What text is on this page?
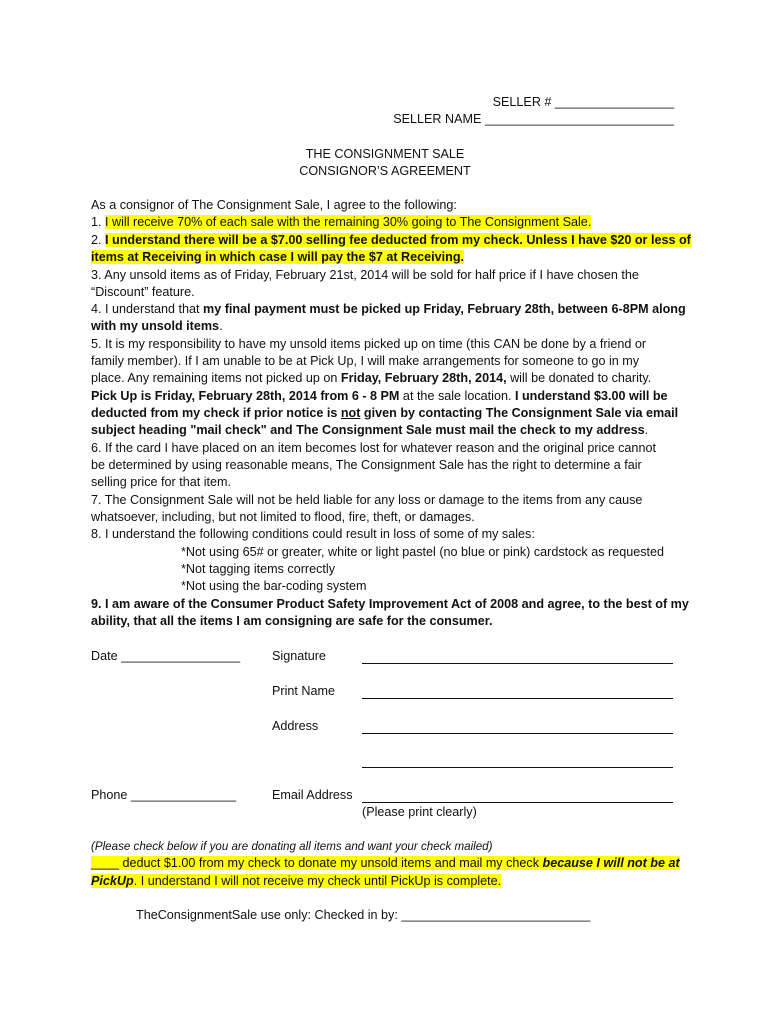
SELLER # _________________
SELLER NAME ___________________________
THE CONSIGNMENT SALE
CONSIGNOR’S AGREEMENT
As a consignor of The Consignment Sale, I agree to the following:
1. I will receive 70% of each sale with the remaining 30% going to The Consignment Sale.
2. I understand there will be a $7.00 selling fee deducted from my check. Unless I have $20 or less of
items at Receiving in which case I will pay the $7 at Receiving.
3. Any unsold items as of Friday, February 21st, 2014 will be sold for half price if I have chosen the
“Discount” feature.
4. I understand that my final payment must be picked up Friday, February 28th, between 6-8PM along
with my unsold items.
5. It is my responsibility to have my unsold items picked up on time (this CAN be done by a friend or
family member). If I am unable to be at Pick Up, I will make arrangements for someone to go in my
place. Any remaining items not picked up on Friday, February 28th, 2014, will be donated to charity.
Pick Up is Friday, February 28th, 2014 from 6 - 8 PM at the sale location. I understand $3.00 will be
deducted from my check if prior notice is not given by contacting The Consignment Sale via email
subject heading "mail check" and The Consignment Sale must mail the check to my address.
6. If the card I have placed on an item becomes lost for whatever reason and the original price cannot
be determined by using reasonable means, The Consignment Sale has the right to determine a fair
selling price for that item.
7. The Consignment Sale will not be held liable for any loss or damage to the items from any cause
whatsoever, including, but not limited to flood, fire, theft, or damages.
8. I understand the following conditions could result in loss of some of my sales:
*Not using 65# or greater, white or light pastel (no blue or pink) cardstock as requested
*Not tagging items correctly
*Not using the bar-coding system
9. I am aware of the Consumer Product Safety Improvement Act of 2008 and agree, to the best of my
ability, that all the items I am consigning are safe for the consumer.
Date _________________	Signature
Print Name
Address
Phone _______________	Email Address
(Please print clearly)
(Please check below if you are donating all items and want your check mailed)
____ deduct $1.00 from my check to donate my unsold items and mail my check because I will not be at
PickUp. I understand I will not receive my check until PickUp is complete.
TheConsignmentSale use only: Checked in by: ___________________________
